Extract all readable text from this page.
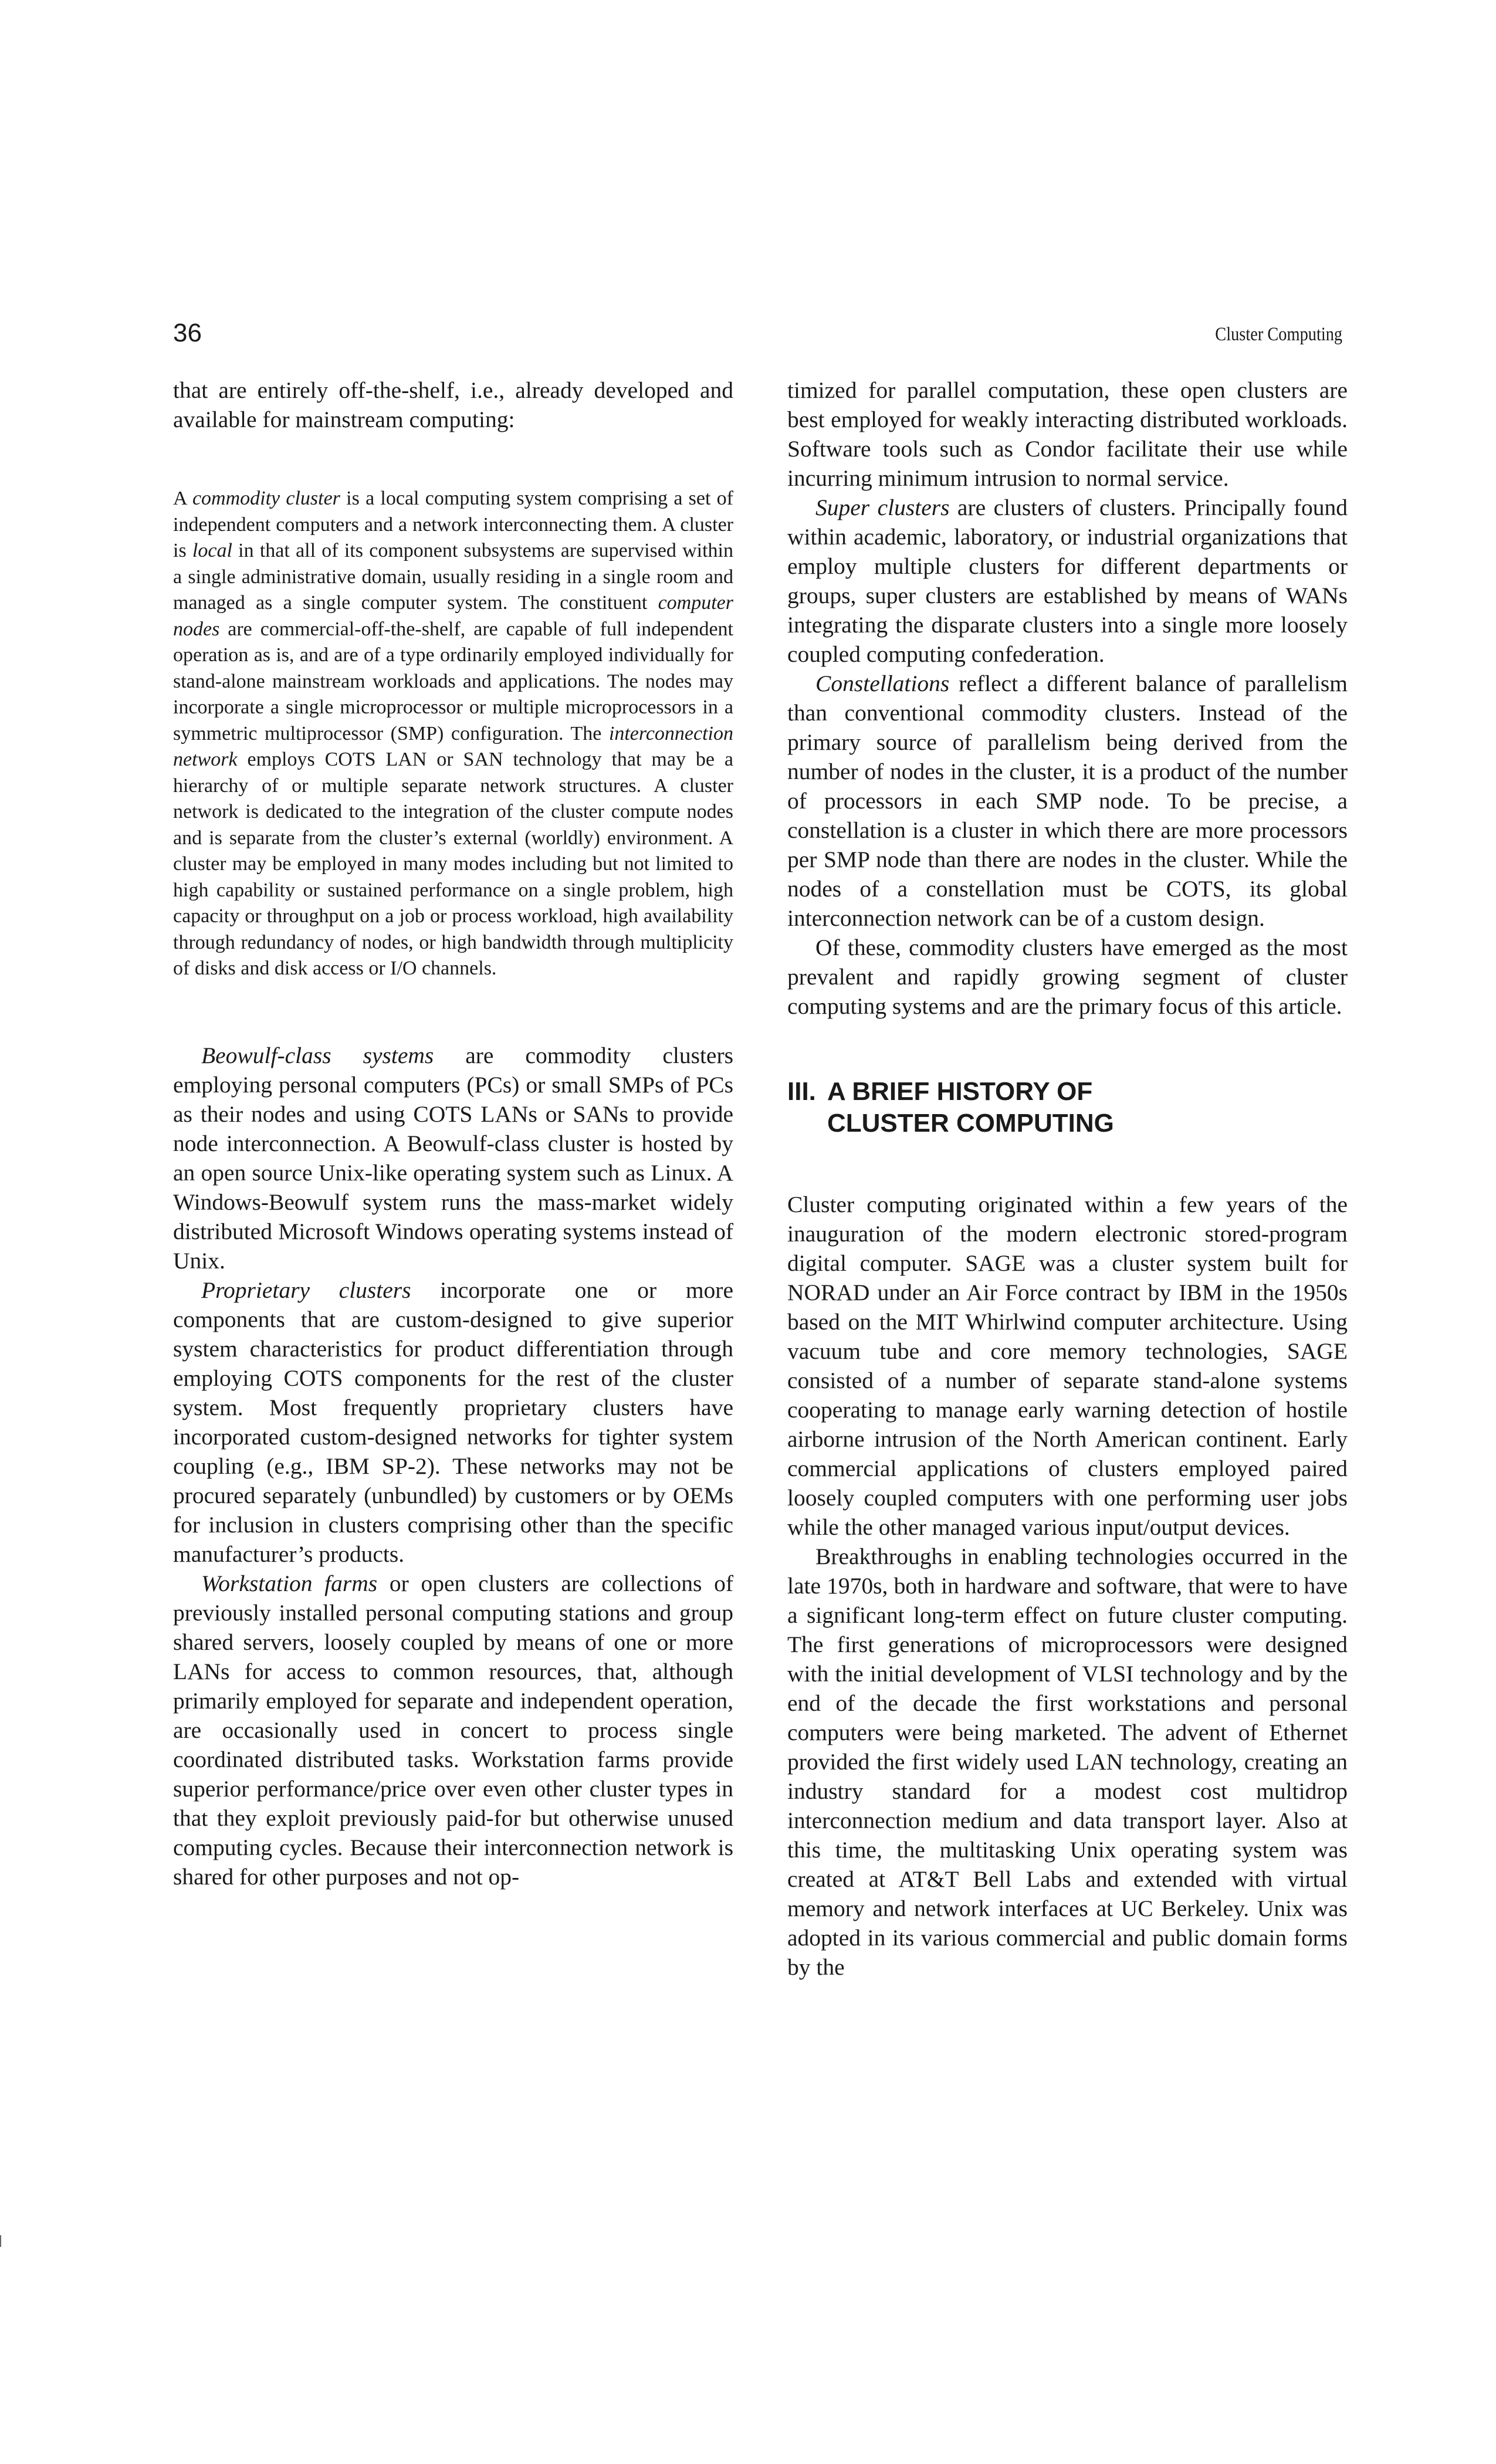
36	Cluster Computing

that are entirely off-the-shelf, i.e., already developed and available for mainstream computing:

A commodity cluster is a local computing system comprising a set of independent computers and a network interconnecting them. A cluster is local in that all of its component subsystems are supervised within a single administrative domain, usually residing in a single room and managed as a single computer system. The constituent computer nodes are commercial-off-the-shelf, are capable of full independent operation as is, and are of a type ordinarily employed individually for stand-alone mainstream workloads and applications. The nodes may incorporate a single microprocessor or multiple microprocessors in a symmetric multiprocessor (SMP) configuration. The interconnection network employs COTS LAN or SAN technology that may be a hierarchy of or multiple separate network structures. A cluster network is dedicated to the integration of the cluster compute nodes and is separate from the cluster’s external (worldly) environment. A cluster may be employed in many modes including but not limited to high capability or sustained performance on a single problem, high capacity or throughput on a job or process workload, high availability through redundancy of nodes, or high bandwidth through multiplicity of disks and disk access or I/O channels.

Beowulf-class systems are commodity clusters employing personal computers (PCs) or small SMPs of PCs as their nodes and using COTS LANs or SANs to provide node interconnection. A Beowulf-class cluster is hosted by an open source Unix-like operating system such as Linux. A Windows-Beowulf system runs the mass-market widely distributed Microsoft Windows operating systems instead of Unix.

Proprietary clusters incorporate one or more components that are custom-designed to give superior system characteristics for product differentiation through employing COTS components for the rest of the cluster system. Most frequently proprietary clusters have incorporated custom-designed networks for tighter system coupling (e.g., IBM SP-2). These networks may not be procured separately (unbundled) by customers or by OEMs for inclusion in clusters comprising other than the specific manufacturer’s products.

Workstation farms or open clusters are collections of previously installed personal computing stations and group shared servers, loosely coupled by means of one or more LANs for access to common resources, that, although primarily employed for separate and independent operation, are occasionally used in concert to process single coordinated distributed tasks. Workstation farms provide superior performance/price over even other cluster types in that they exploit previously paid-for but otherwise unused computing cycles. Because their interconnection network is shared for other purposes and not op-

timized for parallel computation, these open clusters are best employed for weakly interacting distributed workloads. Software tools such as Condor facilitate their use while incurring minimum intrusion to normal service.

Super clusters are clusters of clusters. Principally found within academic, laboratory, or industrial organizations that employ multiple clusters for different departments or groups, super clusters are established by means of WANs integrating the disparate clusters into a single more loosely coupled computing confederation.

Constellations reflect a different balance of parallelism than conventional commodity clusters. Instead of the primary source of parallelism being derived from the number of nodes in the cluster, it is a product of the number of processors in each SMP node. To be precise, a constellation is a cluster in which there are more processors per SMP node than there are nodes in the cluster. While the nodes of a constellation must be COTS, its global interconnection network can be of a custom design.

Of these, commodity clusters have emerged as the most prevalent and rapidly growing segment of cluster computing systems and are the primary focus of this article.

III. A BRIEF HISTORY OF
CLUSTER COMPUTING

Cluster computing originated within a few years of the inauguration of the modern electronic stored-program digital computer. SAGE was a cluster system built for NORAD under an Air Force contract by IBM in the 1950s based on the MIT Whirlwind computer architecture. Using vacuum tube and core memory technologies, SAGE consisted of a number of separate stand-alone systems cooperating to manage early warning detection of hostile airborne intrusion of the North American continent. Early commercial applications of clusters employed paired loosely coupled computers with one performing user jobs while the other managed various input/output devices.

Breakthroughs in enabling technologies occurred in the late 1970s, both in hardware and software, that were to have a significant long-term effect on future cluster computing. The first generations of microprocessors were designed with the initial development of VLSI technology and by the end of the decade the first workstations and personal computers were being marketed. The advent of Ethernet provided the first widely used LAN technology, creating an industry standard for a modest cost multidrop interconnection medium and data transport layer. Also at this time, the multitasking Unix operating system was created at AT&T Bell Labs and extended with virtual memory and network interfaces at UC Berkeley. Unix was adopted in its various commercial and public domain forms by the
